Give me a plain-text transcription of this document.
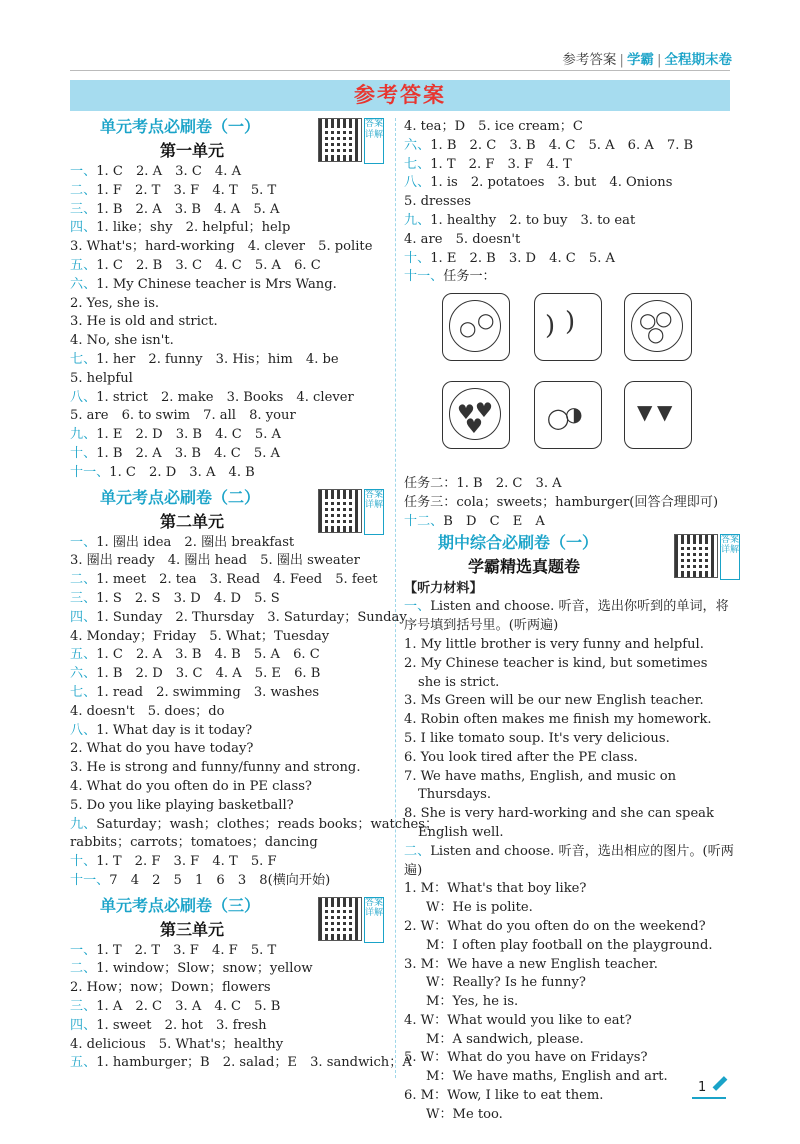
参考答案 | 学霸 | 全程期末卷
参考答案
单元考点必刷卷（一）
第一单元
答案详解
一、1. C　2. A　3. C　4. A
二、1. F　2. T　3. F　4. T　5. T
三、1. B　2. A　3. B　4. A　5. A
四、1. like；shy　2. helpful；help
3. What's；hard-working　4. clever　5. polite
五、1. C　2. B　3. C　4. C　5. A　6. C
六、1. My Chinese teacher is Mrs Wang.
2. Yes, she is.
3. He is old and strict.
4. No, she isn't.
七、1. her　2. funny　3. His；him　4. be
5. helpful
八、1. strict　2. make　3. Books　4. clever
5. are　6. to swim　7. all　8. your
九、1. E　2. D　3. B　4. C　5. A
十、1. B　2. A　3. B　4. C　5. A
十一、1. C　2. D　3. A　4. B
单元考点必刷卷（二）
第二单元
答案详解
一、1. 圈出 idea　2. 圈出 breakfast
3. 圈出 ready　4. 圈出 head　5. 圈出 sweater
二、1. meet　2. tea　3. Read　4. Feed　5. feet
三、1. S　2. S　3. D　4. D　5. S
四、1. Sunday　2. Thursday　3. Saturday；Sunday
4. Monday；Friday　5. What；Tuesday
五、1. C　2. A　3. B　4. B　5. A　6. C
六、1. B　2. D　3. C　4. A　5. E　6. B
七、1. read　2. swimming　3. washes
4. doesn't　5. does；do
八、1. What day is it today?
2. What do you have today?
3. He is strong and funny/funny and strong.
4. What do you often do in PE class?
5. Do you like playing basketball?
九、Saturday；wash；clothes；reads books；watches；
rabbits；carrots；tomatoes；dancing
十、1. T　2. F　3. F　4. T　5. F
十一、7　4　2　5　1　6　3　8(横向开始)
单元考点必刷卷（三）
第三单元
答案详解
一、1. T　2. T　3. F　4. F　5. T
二、1. window；Slow；snow；yellow
2. How；now；Down；flowers
三、1. A　2. C　3. A　4. C　5. B
四、1. sweet　2. hot　3. fresh
4. delicious　5. What's；healthy
五、1. hamburger；B　2. salad；E　3. sandwich；A
4. tea；D　5. ice cream；C
六、1. B　2. C　3. B　4. C　5. A　6. A　7. B
七、1. T　2. F　3. F　4. T
八、1. is　2. potatoes　3. but　4. Onions
5. dresses
九、1. healthy　2. to buy　3. to eat
4. are　5. doesn't
十、1. E　2. B　3. D　4. C　5. A
十一、任务一：
○ ○ ) )	○
○
○
♥ ♥
♥	◯
◑	▼ ▼
任务二：1. B　2. C　3. A
任务三：cola；sweets；hamburger(回答合理即可)
十二、B　D　C　E　A
期中综合必刷卷（一）
学霸精选真题卷
答案详解
【听力材料】
一、Listen and choose. 听音，选出你听到的单词，将序号填到括号里。(听两遍)
1. My little brother is very funny and helpful.
2. My Chinese teacher is kind, but sometimes she is strict.
3. Ms Green will be our new English teacher.
4. Robin often makes me finish my homework.
5. I like tomato soup. It's very delicious.
6. You look tired after the PE class.
7. We have maths, English, and music on Thursdays.
8. She is very hard-working and she can speak English well.
二、Listen and choose. 听音，选出相应的图片。(听两遍)
1. M：What's that boy like?
W：He is polite.
2. W：What do you often do on the weekend?
M：I often play football on the playground.
3. M：We have a new English teacher.
W：Really? Is he funny?
M：Yes, he is.
4. W：What would you like to eat?
M：A sandwich, please.
5. W：What do you have on Fridays?
M：We have maths, English and art.
6. M：Wow, I like to eat them.
W：Me too.
1
